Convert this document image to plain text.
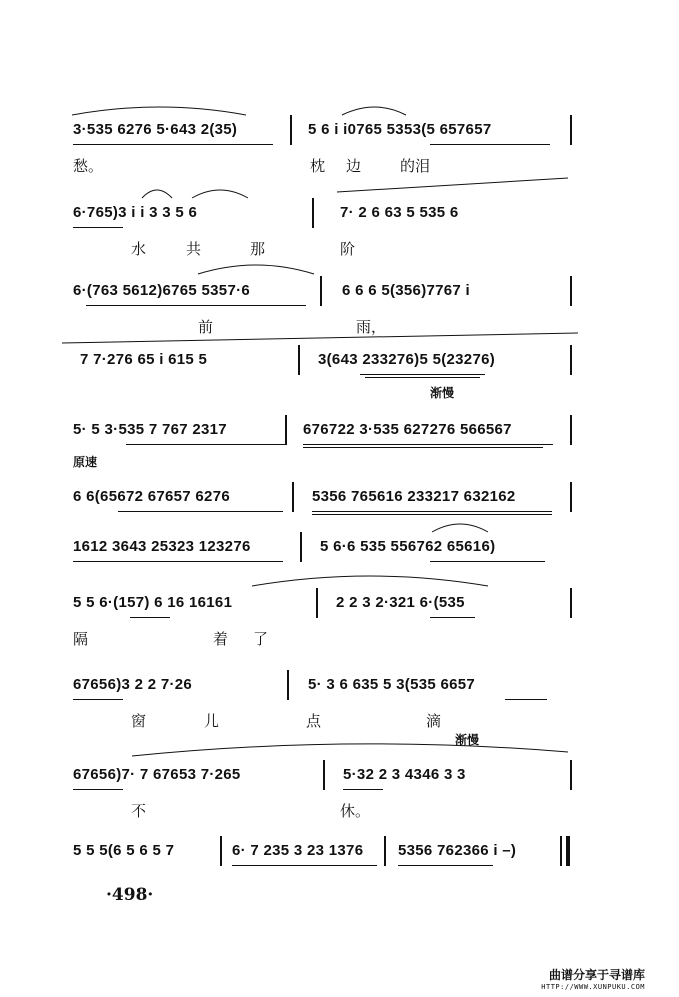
3·535 6276 5·643 2(35)	5 6 i i0765 5353(5 657657
愁。	枕 边	的泪
6·765)3 i i 3 3 5 6	7· 2 6 63 5 535 6
水	共	那	阶
6·(763 5612)6765 5357·6	6 6 6 5(356)7767 i
前	雨，
7 7·276 65 i 615 5	3(643 233276)5 5(23276)
渐慢
5· 5 3·535 7 767 2317	676722 3·535 627276 566567
原速
6 6(65672 67657 6276	5356 765616 233217 632162
1612 3643 25323 123276	5 6·6 535 556762 65616)
5 5 6·(157) 6 16 16161	2 2 3 2·321 6·(535
隔	着 了
67656)3 2 2 7·26	5· 3 6 635 5 3(535 6657
窗	儿	点	滴
渐慢
67656)7· 7 67653 7·265	5·32 2 3 4346 3 3
不	休。
5 5 5(6 5 6 5 7	6· 7 235 3 23 1376 5356 762366 i –)
·498·
曲谱分享于寻谱库
HTTP://WWW.XUNPUKU.COM
